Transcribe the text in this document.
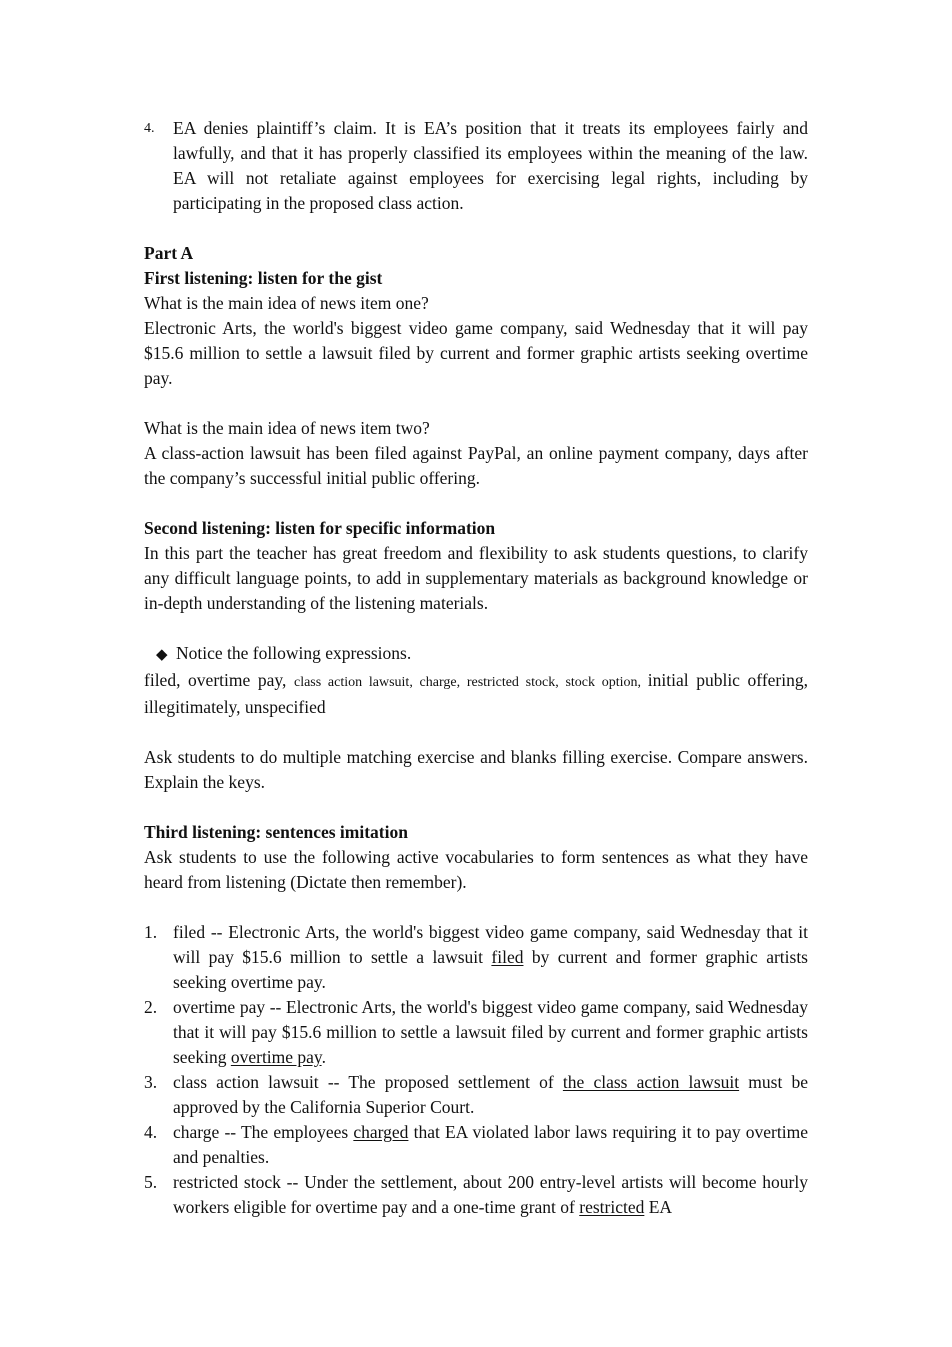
4. EA denies plaintiff’s claim. It is EA’s position that it treats its employees fairly and lawfully, and that it has properly classified its employees within the meaning of the law. EA will not retaliate against employees for exercising legal rights, including by participating in the proposed class action.

Part A

First listening: listen for the gist

What is the main idea of news item one?

Electronic Arts, the world's biggest video game company, said Wednesday that it will pay $15.6 million to settle a lawsuit filed by current and former graphic artists seeking overtime pay.

What is the main idea of news item two?

A class-action lawsuit has been filed against PayPal, an online payment company, days after the company’s successful initial public offering.

Second listening: listen for specific information

In this part the teacher has great freedom and flexibility to ask students questions, to clarify any difficult language points, to add in supplementary materials as background knowledge or in-depth understanding of the listening materials.

◆ Notice the following expressions.

filed, overtime pay, class action lawsuit, charge, restricted stock, stock option, initial public offering, illegitimately, unspecified

Ask students to do multiple matching exercise and blanks filling exercise. Compare answers. Explain the keys.

Third listening: sentences imitation

Ask students to use the following active vocabularies to form sentences as what they have heard from listening (Dictate then remember).

1. filed -- Electronic Arts, the world's biggest video game company, said Wednesday that it will pay $15.6 million to settle a lawsuit filed by current and former graphic artists seeking overtime pay.
2. overtime pay -- Electronic Arts, the world's biggest video game company, said Wednesday that it will pay $15.6 million to settle a lawsuit filed by current and former graphic artists seeking overtime pay.
3. class action lawsuit -- The proposed settlement of the class action lawsuit must be approved by the California Superior Court.
4. charge -- The employees charged that EA violated labor laws requiring it to pay overtime and penalties.
5. restricted stock -- Under the settlement, about 200 entry-level artists will become hourly workers eligible for overtime pay and a one-time grant of restricted EA
